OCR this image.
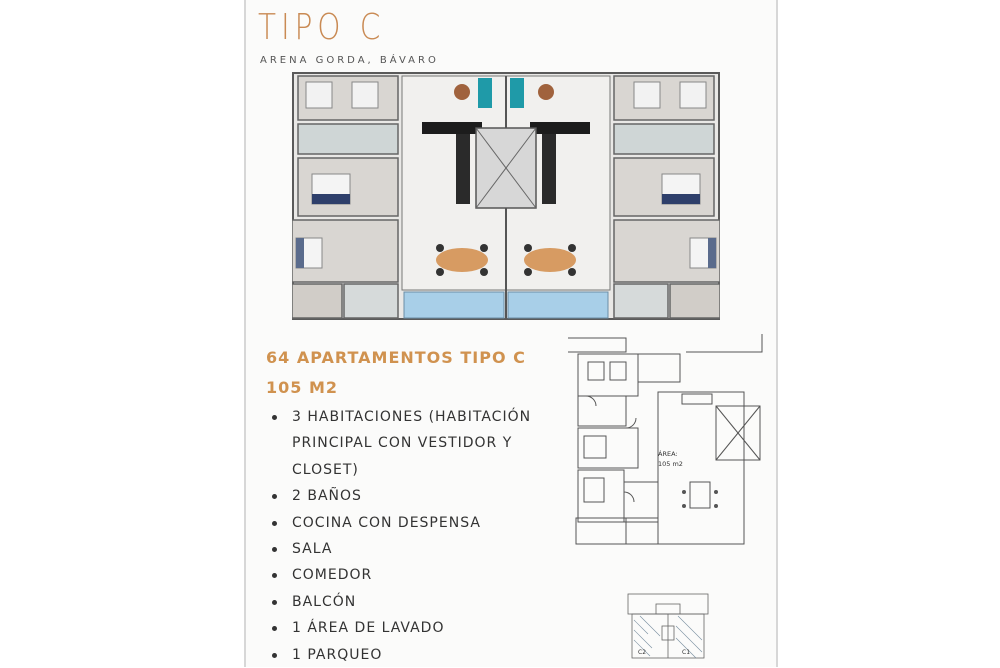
TIPO C
ARENA GORDA, BÁVARO
64 APARTAMENTOS TIPO C
105 M2
3 HABITACIONES (HABITACIÓN PRINCIPAL CON VESTIDOR Y CLOSET)
2 BAÑOS
COCINA CON DESPENSA
SALA
COMEDOR
BALCÓN
1 ÁREA DE LAVADO
1 PARQUEO
ÁREA:
105 m2
C2	C1
